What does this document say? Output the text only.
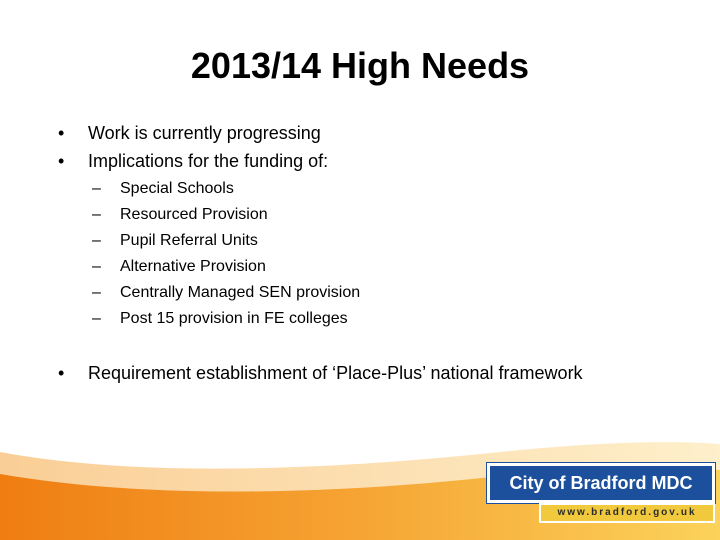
2013/14 High Needs
• Work is currently progressing
• Implications for the funding of:
– Special Schools
– Resourced Provision
– Pupil Referral Units
– Alternative Provision
– Centrally Managed SEN provision
– Post 15 provision in FE colleges
• Requirement establishment of ‘Place-Plus’ national framework
City of Bradford MDC
www.bradford.gov.uk
